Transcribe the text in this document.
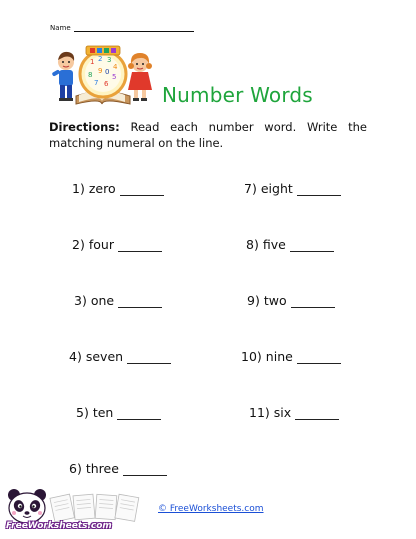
Name
1 2 3
4
5
6
7
8 9 0
Number Words
Directions: Read each number word. Write the matching numeral on the line.
1) zero
2) four
3) one
4) seven
5) ten
6) three
7) eight
8) five
9) two
10) nine
11) six
FreeWorksheets.com
© FreeWorksheets.com
